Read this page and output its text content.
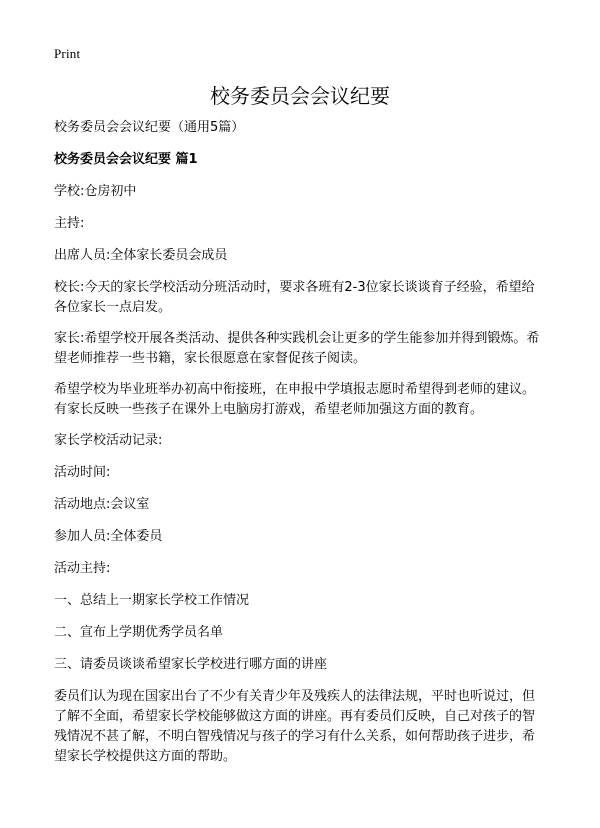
Print
校务委员会会议纪要

校务委员会会议纪要（通用5篇）

校务委员会会议纪要 篇1

学校:仓房初中

主持:

出席人员:全体家长委员会成员

校长:今天的家长学校活动分班活动时，要求各班有2-3位家长谈谈育子经验，希望给各位家长一点启发。

家长:希望学校开展各类活动、提供各种实践机会让更多的学生能参加并得到锻炼。希望老师推荐一些书籍，家长很愿意在家督促孩子阅读。

希望学校为毕业班举办初高中衔接班，在申报中学填报志愿时希望得到老师的建议。有家长反映一些孩子在课外上电脑房打游戏，希望老师加强这方面的教育。

家长学校活动记录:

活动时间:

活动地点:会议室

参加人员:全体委员

活动主持:

一、总结上一期家长学校工作情况

二、宣布上学期优秀学员名单

三、请委员谈谈希望家长学校进行哪方面的讲座

委员们认为现在国家出台了不少有关青少年及残疾人的法律法规，平时也听说过，但了解不全面，希望家长学校能够做这方面的讲座。再有委员们反映，自己对孩子的智残情况不甚了解，不明白智残情况与孩子的学习有什么关系，如何帮助孩子进步，希望家长学校提供这方面的帮助。
